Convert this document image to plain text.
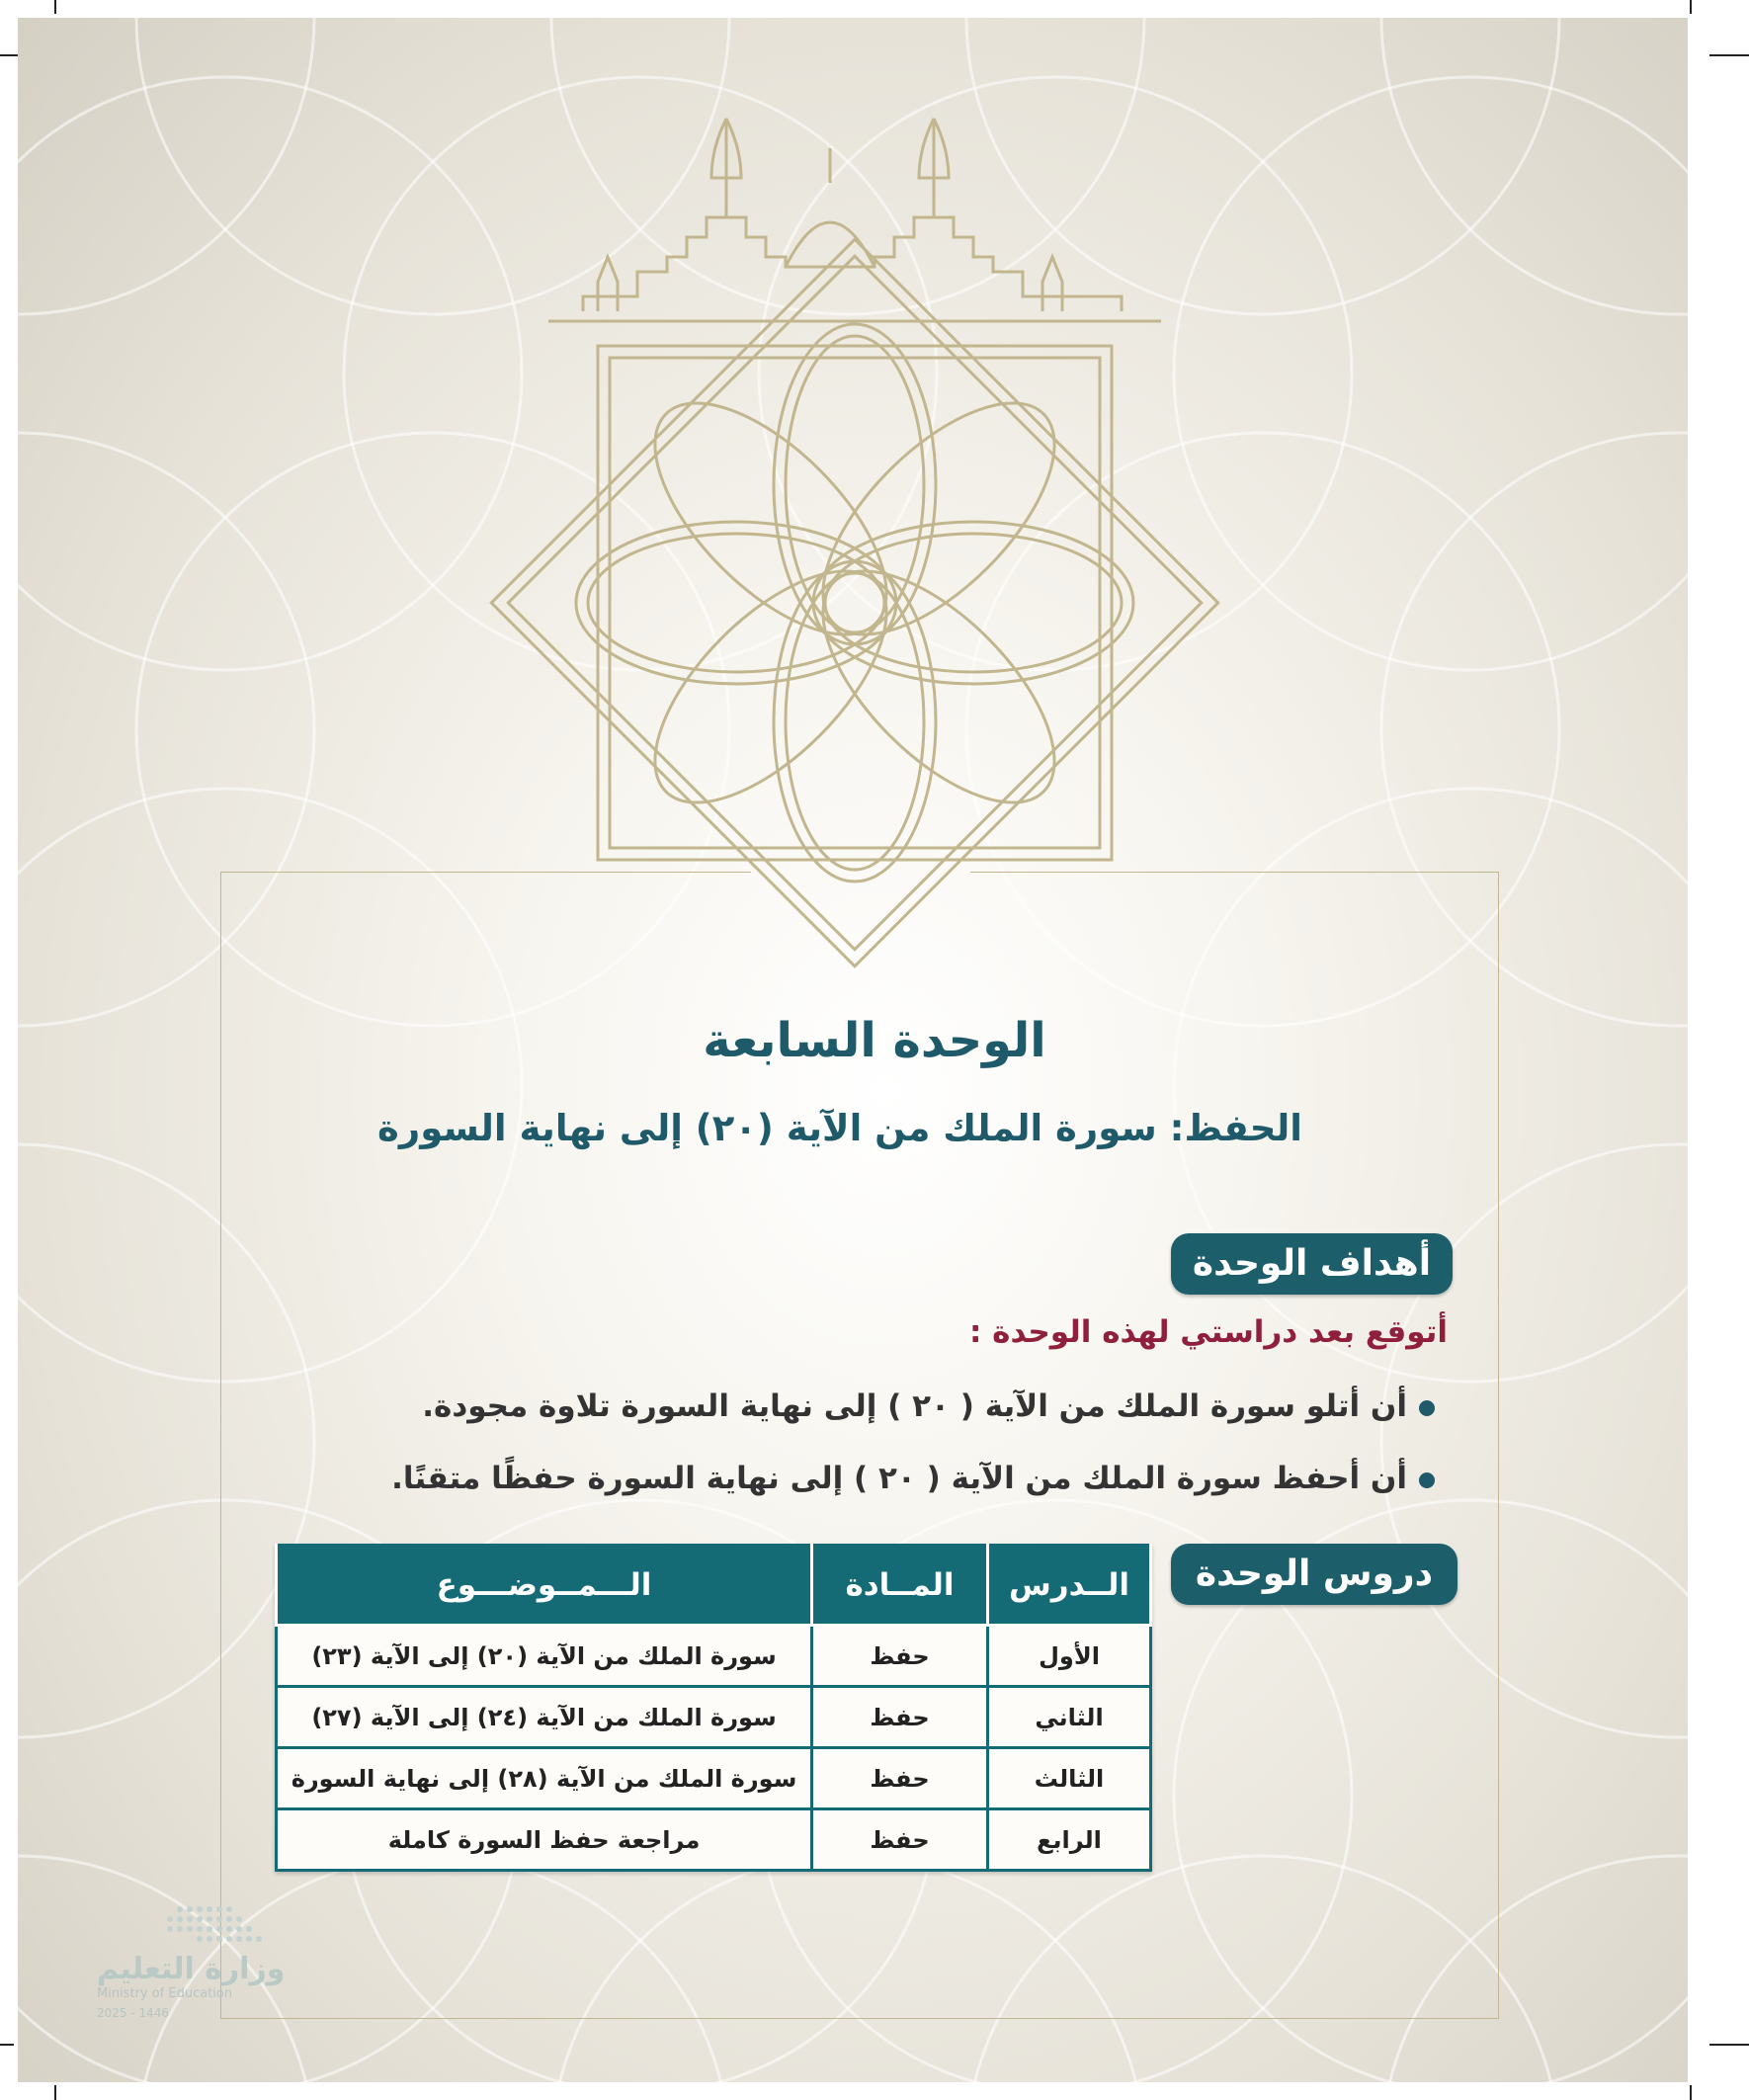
الوحدة السابعة
الحفظ: سورة الملك من الآية (٢٠) إلى نهاية السورة
أهداف الوحدة
أتوقع بعد دراستي لهذه الوحدة :
أن أتلو سورة الملك من الآية ( ٢٠ ) إلى نهاية السورة تلاوة مجودة.
أن أحفظ سورة الملك من الآية ( ٢٠ ) إلى نهاية السورة حفظًا متقنًا.
دروس الوحدة
الــدرس	المــادة	الـــمــوضـــوع
الأول	حفظ	سورة الملك من الآية (٢٠) إلى الآية (٢٣)
الثاني	حفظ	سورة الملك من الآية (٢٤) إلى الآية (٢٧)
الثالث	حفظ	سورة الملك من الآية (٢٨) إلى نهاية السورة
الرابع	حفظ	مراجعة حفظ السورة كاملة
وزارة التعليم
Ministry of Education
2025 - 1446
